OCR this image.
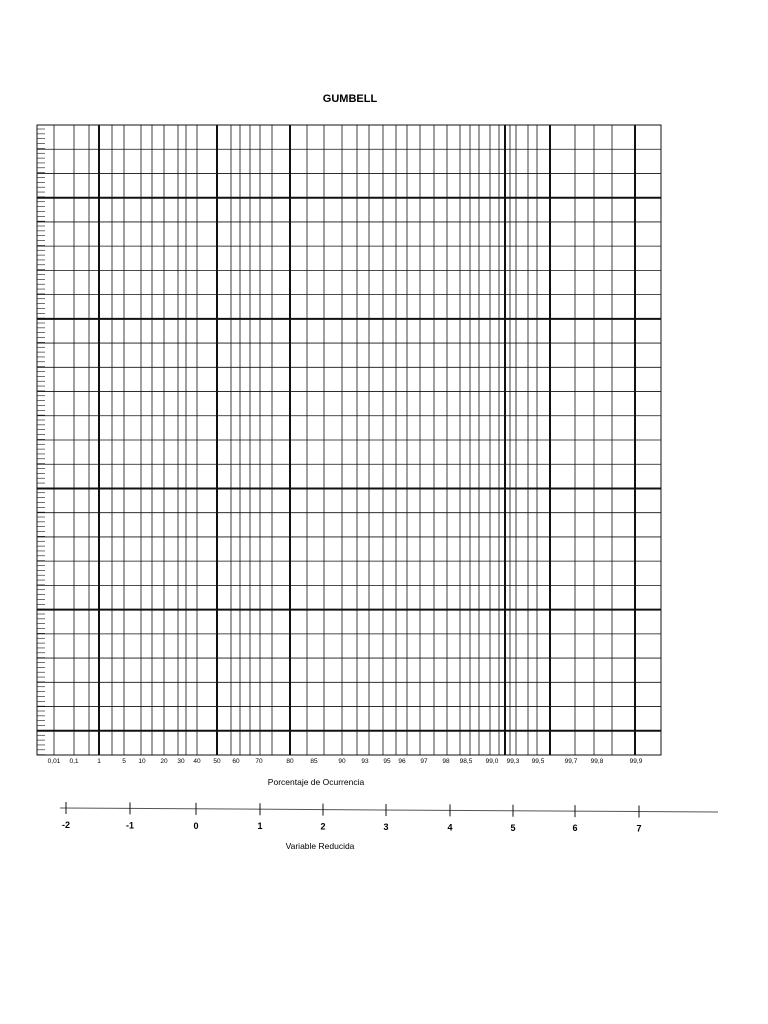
GUMBELL
0,01 0,1	1	5 10 20 30 40 50 60 70	80	85	90 93 95 96 97 98 98,5 99,0 99,3 99,5	99,7 99,8	99,9
Porcentaje de Ocurrencia
-2	-1	0	1	2	3	4	5	6	7
Variable Reducida
